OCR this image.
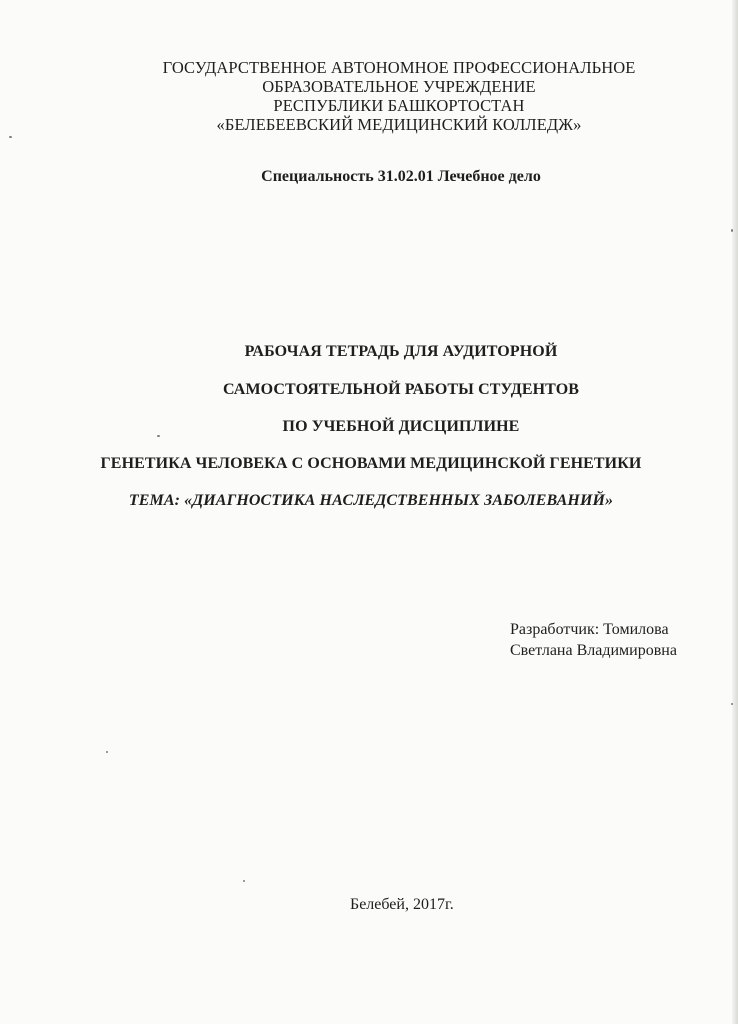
ГОСУДАРСТВЕННОЕ АВТОНОМНОЕ ПРОФЕССИОНАЛЬНОЕ
ОБРАЗОВАТЕЛЬНОЕ УЧРЕЖДЕНИЕ
РЕСПУБЛИКИ БАШКОРТОСТАН
«БЕЛЕБЕЕВСКИЙ МЕДИЦИНСКИЙ КОЛЛЕДЖ»
Специальность 31.02.01 Лечебное дело
РАБОЧАЯ ТЕТРАДЬ ДЛЯ АУДИТОРНОЙ
САМОСТОЯТЕЛЬНОЙ РАБОТЫ СТУДЕНТОВ
ПО УЧЕБНОЙ ДИСЦИПЛИНЕ
ГЕНЕТИКА ЧЕЛОВЕКА С ОСНОВАМИ МЕДИЦИНСКОЙ ГЕНЕТИКИ
ТЕМА: «ДИАГНОСТИКА НАСЛЕДСТВЕННЫХ ЗАБОЛЕВАНИЙ»
Разработчик: Томилова
Светлана Владимировна
Белебей, 2017г.
